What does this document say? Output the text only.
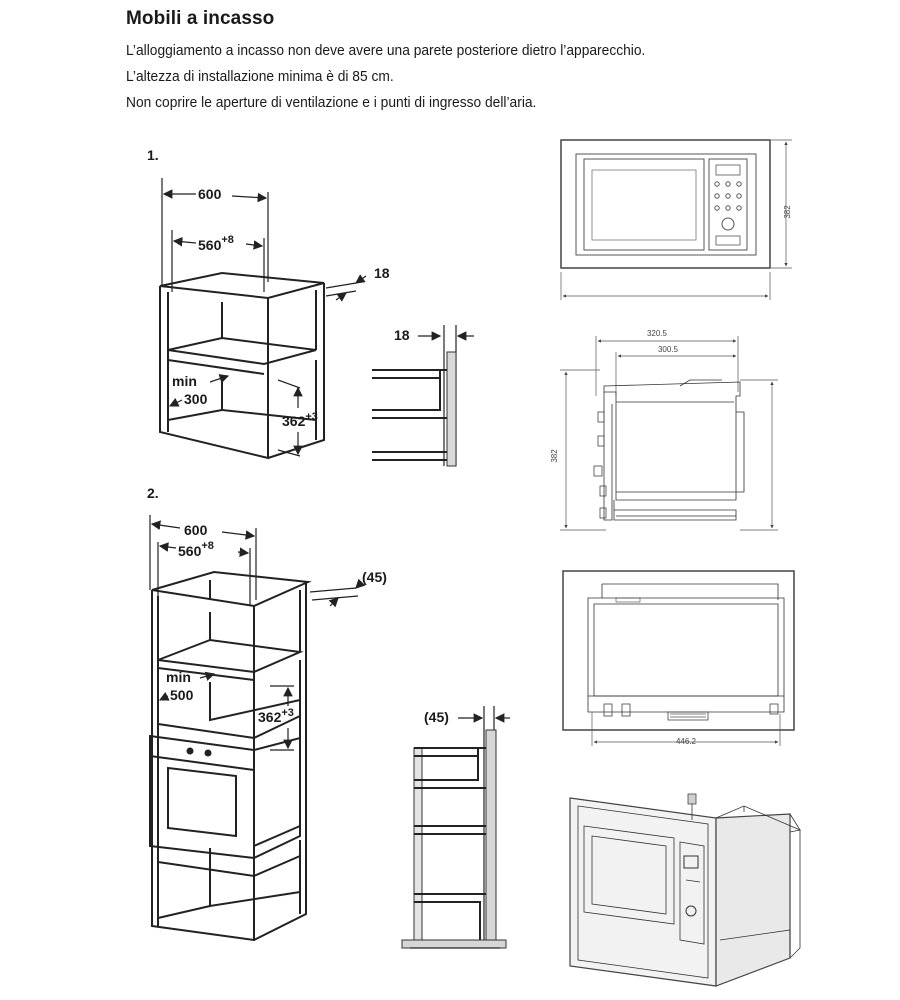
Mobili a incasso

L’alloggiamento a incasso non deve avere una parete posteriore dietro l’apparecchio.

L’altezza di installazione minima è di 85 cm.

Non coprire le aperture di ventilazione e i punti di ingresso dell’aria.

1.
600
$560^{+8}$
18
min
300
$362^{+3}$
18
2.
600
$560^{+8}$
(45)
min
500
$362^{+3}$	(45)
382
320.5
300.5
382
446.2
